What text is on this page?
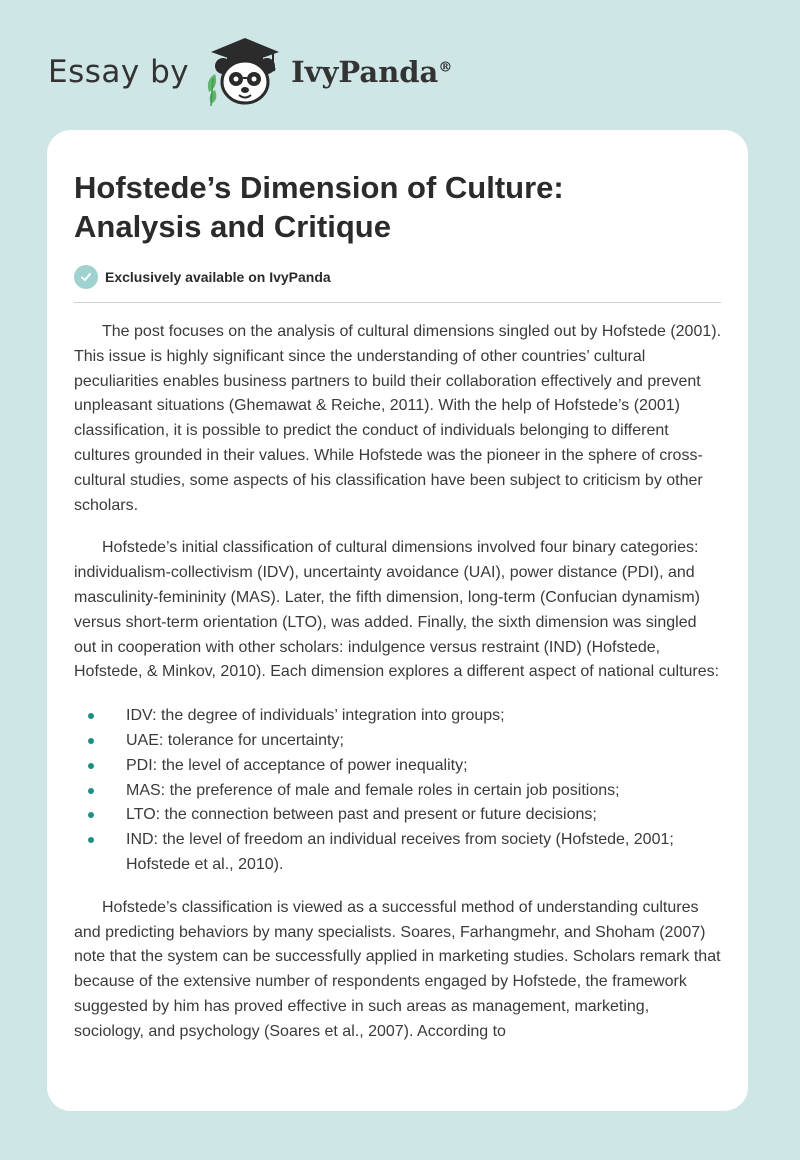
Essay by	IvyPanda®
Hofstede’s Dimension of Culture:
Analysis and Critique
Exclusively available on IvyPanda

The post focuses on the analysis of cultural dimensions singled out by Hofstede (2001). This issue is highly significant since the understanding of other countries’ cultural peculiarities enables business partners to build their collaboration effectively and prevent unpleasant situations (Ghemawat & Reiche, 2011). With the help of Hofstede’s (2001) classification, it is possible to predict the conduct of individuals belonging to different cultures grounded in their values. While Hofstede was the pioneer in the sphere of cross-cultural studies, some aspects of his classification have been subject to criticism by other scholars.

Hofstede’s initial classification of cultural dimensions involved four binary categories: individualism-collectivism (IDV), uncertainty avoidance (UAI), power distance (PDI), and masculinity-femininity (MAS). Later, the fifth dimension, long-term (Confucian dynamism) versus short-term orientation (LTO), was added. Finally, the sixth dimension was singled out in cooperation with other scholars: indulgence versus restraint (IND) (Hofstede, Hofstede, & Minkov, 2010). Each dimension explores a different aspect of national cultures:

IDV: the degree of individuals’ integration into groups;
UAE: tolerance for uncertainty;
PDI: the level of acceptance of power inequality;
MAS: the preference of male and female roles in certain job positions;
LTO: the connection between past and present or future decisions;
IND: the level of freedom an individual receives from society (Hofstede, 2001; Hofstede et al., 2010).

Hofstede’s classification is viewed as a successful method of understanding cultures and predicting behaviors by many specialists. Soares, Farhangmehr, and Shoham (2007) note that the system can be successfully applied in marketing studies. Scholars remark that because of the extensive number of respondents engaged by Hofstede, the framework suggested by him has proved effective in such areas as management, marketing, sociology, and psychology (Soares et al., 2007). According to
